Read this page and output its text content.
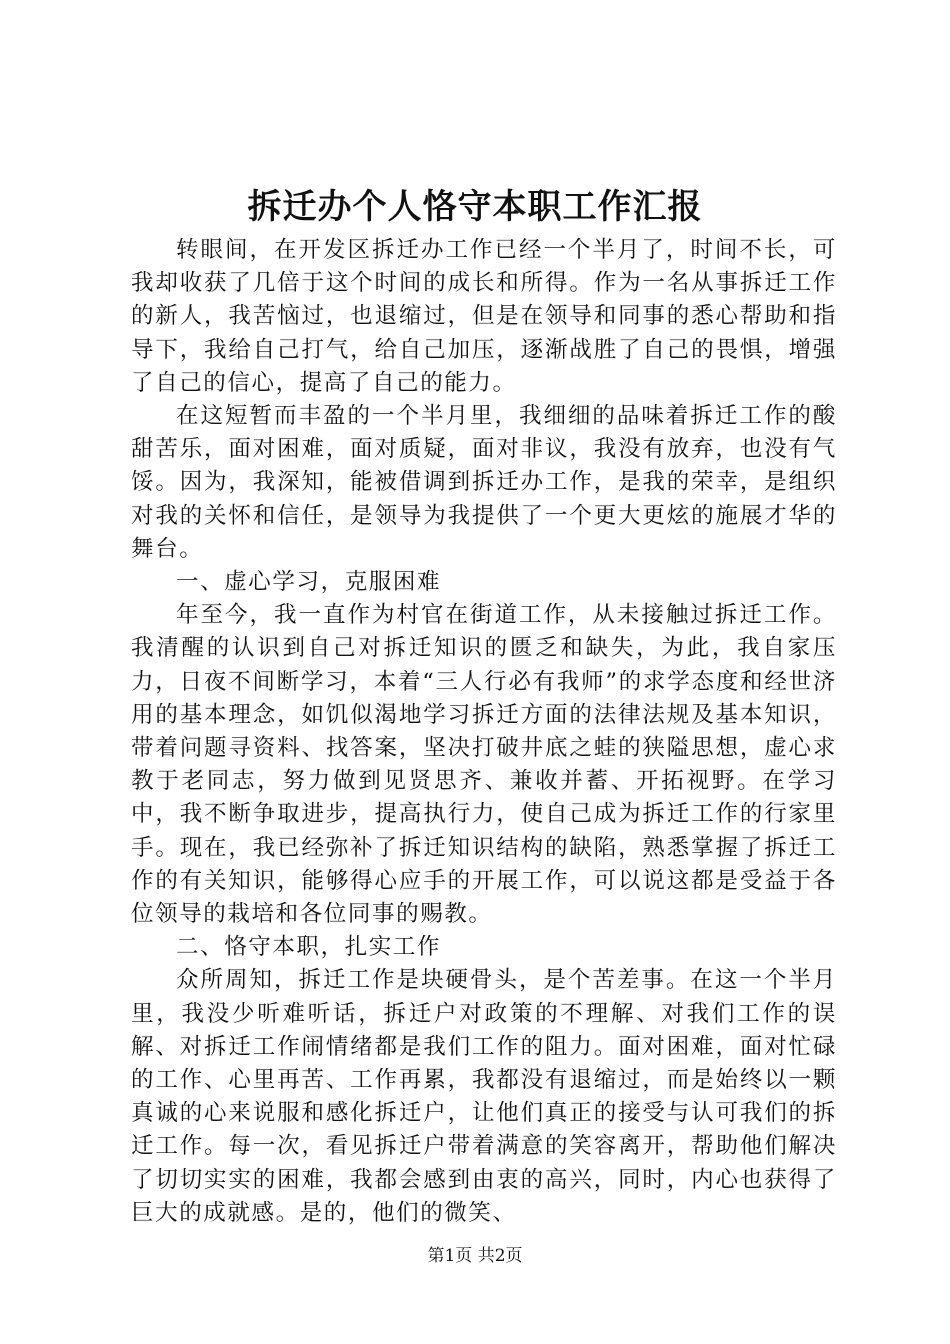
拆迁办个人恪守本职工作汇报

转眼间，在开发区拆迁办工作已经一个半月了，时间不长，可我却收获了几倍于这个时间的成长和所得。作为一名从事拆迁工作的新人，我苦恼过，也退缩过，但是在领导和同事的悉心帮助和指导下，我给自己打气，给自己加压，逐渐战胜了自己的畏惧，增强了自己的信心，提高了自己的能力。

在这短暂而丰盈的一个半月里，我细细的品味着拆迁工作的酸甜苦乐，面对困难，面对质疑，面对非议，我没有放弃，也没有气馁。因为，我深知，能被借调到拆迁办工作，是我的荣幸，是组织对我的关怀和信任，是领导为我提供了一个更大更炫的施展才华的舞台。

一、虚心学习，克服困难

年至今，我一直作为村官在街道工作，从未接触过拆迁工作。我清醒的认识到自己对拆迁知识的匮乏和缺失，为此，我自家压力，日夜不间断学习，本着“三人行必有我师”的求学态度和经世济用的基本理念，如饥似渴地学习拆迁方面的法律法规及基本知识，带着问题寻资料、找答案，坚决打破井底之蛙的狭隘思想，虚心求教于老同志，努力做到见贤思齐、兼收并蓄、开拓视野。在学习中，我不断争取进步，提高执行力，使自己成为拆迁工作的行家里手。现在，我已经弥补了拆迁知识结构的缺陷，熟悉掌握了拆迁工作的有关知识，能够得心应手的开展工作，可以说这都是受益于各位领导的栽培和各位同事的赐教。

二、恪守本职，扎实工作

众所周知，拆迁工作是块硬骨头，是个苦差事。在这一个半月里，我没少听难听话，拆迁户对政策的不理解、对我们工作的误解、对拆迁工作闹情绪都是我们工作的阻力。面对困难，面对忙碌的工作、心里再苦、工作再累，我都没有退缩过，而是始终以一颗真诚的心来说服和感化拆迁户，让他们真正的接受与认可我们的拆迁工作。每一次，看见拆迁户带着满意的笑容离开，帮助他们解决了切切实实的困难，我都会感到由衷的高兴，同时，内心也获得了巨大的成就感。是的，他们的微笑、

第1页 共2页
